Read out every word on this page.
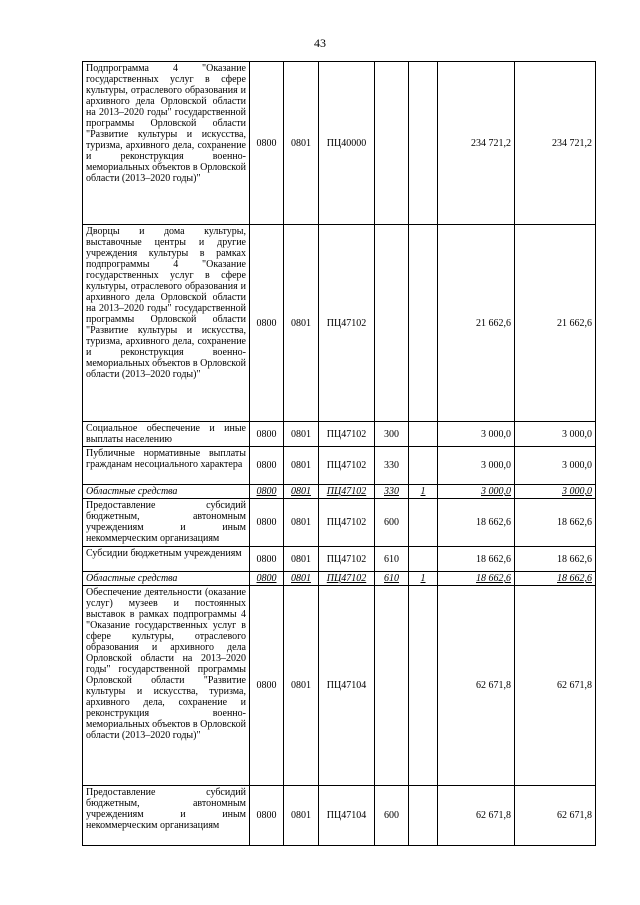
43
Подпрограмма 4 "Оказание государственных услуг в сфере культуры, отраслевого образования и архивного дела Орловской области на 2013–2020 годы" государственной программы Орловской области "Развитие культуры и искусства, туризма, архивного дела, сохранение и реконструкция военно-мемориальных объектов в Орловской области (2013–2020 годы)"	0800	0801	ПЦ40000			234 721,2	234 721,2

Дворцы и дома культуры, выставочные центры и другие учреждения культуры в рамках подпрограммы 4 "Оказание государственных услуг в сфере культуры, отраслевого образования и архивного дела Орловской области на 2013–2020 годы" государственной программы Орловской области "Развитие культуры и искусства, туризма, архивного дела, сохранение и реконструкция военно-мемориальных объектов в Орловской области (2013–2020 годы)"	0800	0801	ПЦ47102			21 662,6	21 662,6

Социальное обеспечение и иные выплаты населению	0800	0801	ПЦ47102	300		3 000,0	3 000,0

Публичные нормативные выплаты гражданам несоциального характера	0800	0801	ПЦ47102	330		3 000,0	3 000,0

Областные средства	0800	0801	ПЦ47102	330	1	3 000,0	3 000,0

Предоставление субсидий бюджетным, автономным учреждениям и иным некоммерческим организациям	0800	0801	ПЦ47102	600		18 662,6	18 662,6

Субсидии бюджетным учреждениям	0800	0801	ПЦ47102	610		18 662,6	18 662,6

Областные средства	0800	0801	ПЦ47102	610	1	18 662,6	18 662,6

Обеспечение деятельности (оказание услуг) музеев и постоянных выставок в рамках подпрограммы 4 "Оказание государственных услуг в сфере культуры, отраслевого образования и архивного дела Орловской области на 2013–2020 годы" государственной программы Орловской области "Развитие культуры и искусства, туризма, архивного дела, сохранение и реконструкция военно-мемориальных объектов в Орловской области (2013–2020 годы)"	0800	0801	ПЦ47104			62 671,8	62 671,8

Предоставление субсидий бюджетным, автономным учреждениям и иным некоммерческим организациям	0800	0801	ПЦ47104	600		62 671,8	62 671,8
